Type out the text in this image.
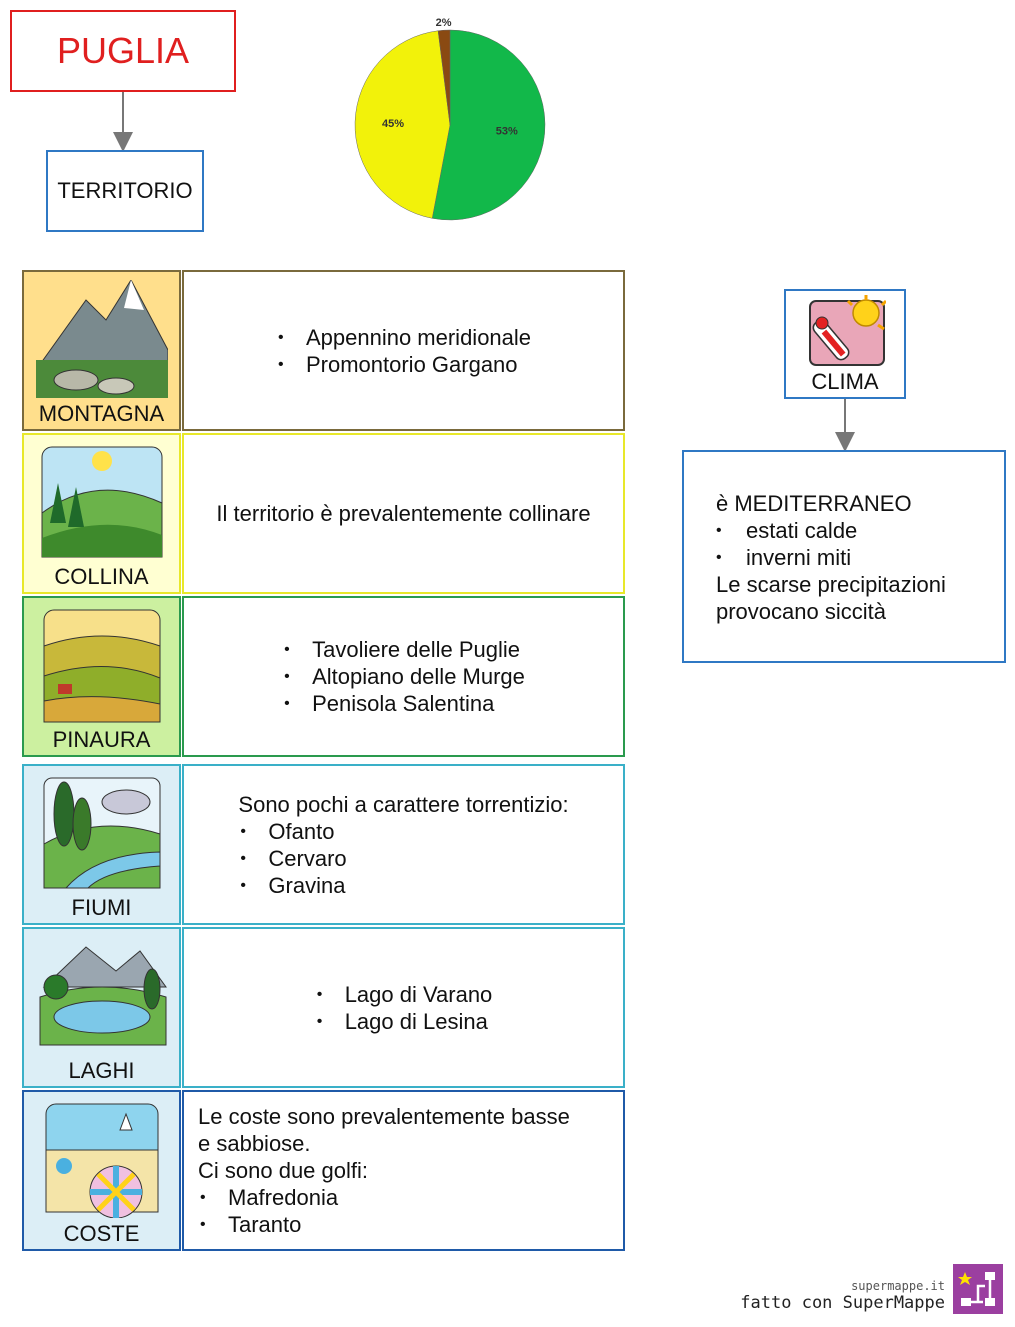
PUGLIA
TERRITORIO
53%
45%
2%
MONTAGNA
• Appennino meridionale
• Promontorio Gargano
COLLINA
Il territorio è prevalentemente collinare
PINAURA
• Tavoliere delle Puglie
• Altopiano delle Murge
• Penisola Salentina
FIUMI
Sono pochi a carattere torrentizio:
• Ofanto
• Cervaro
• Gravina
LAGHI
• Lago di Varano
• Lago di Lesina
COSTE
Le coste sono prevalentemente basse
e sabbiose.
Ci sono due golfi:
• Mafredonia
• Taranto
CLIMA
è MEDITERRANEO
• estati calde
• inverni miti
Le scarse precipitazioni
provocano siccità
supermappe.it
fatto con SuperMappe
